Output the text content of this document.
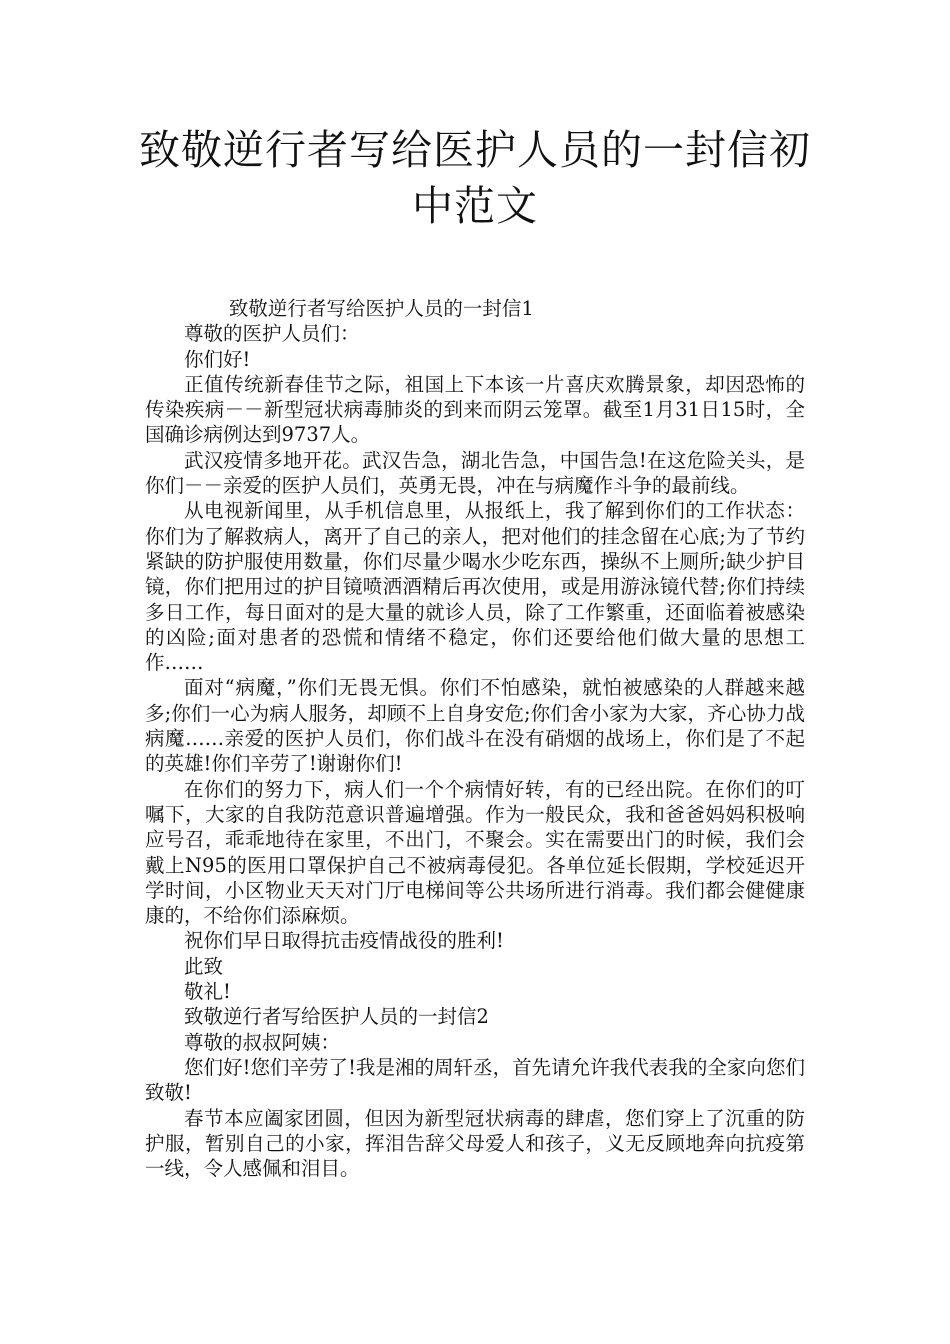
致敬逆行者写给医护人员的一封信初中范文

致敬逆行者写给医护人员的一封信1

尊敬的医护人员们：

你们好!

正值传统新春佳节之际，祖国上下本该一片喜庆欢腾景象，却因恐怖的传染疾病－－新型冠状病毒肺炎的到来而阴云笼罩。截至1月31日15时，全国确诊病例达到9737人。

武汉疫情多地开花。武汉告急，湖北告急，中国告急!在这危险关头，是你们－－亲爱的医护人员们，英勇无畏，冲在与病魔作斗争的最前线。

从电视新闻里，从手机信息里，从报纸上，我了解到你们的工作状态：你们为了解救病人，离开了自己的亲人，把对他们的挂念留在心底;为了节约紧缺的防护服使用数量，你们尽量少喝水少吃东西，操纵不上厕所;缺少护目镜，你们把用过的护目镜喷洒酒精后再次使用，或是用游泳镜代替;你们持续多日工作，每日面对的是大量的就诊人员，除了工作繁重，还面临着被感染的凶险;面对患者的恐慌和情绪不稳定，你们还要给他们做大量的思想工作……

面对“病魔，”你们无畏无惧。你们不怕感染，就怕被感染的人群越来越多;你们一心为病人服务，却顾不上自身安危;你们舍小家为大家，齐心协力战病魔……亲爱的医护人员们，你们战斗在没有硝烟的战场上，你们是了不起的英雄!你们辛劳了!谢谢你们!

在你们的努力下，病人们一个个病情好转，有的已经出院。在你们的叮嘱下，大家的自我防范意识普遍增强。作为一般民众，我和爸爸妈妈积极响应号召，乖乖地待在家里，不出门，不聚会。实在需要出门的时候，我们会戴上N95的医用口罩保护自己不被病毒侵犯。各单位延长假期，学校延迟开学时间，小区物业天天对门厅电梯间等公共场所进行消毒。我们都会健健康康的，不给你们添麻烦。

祝你们早日取得抗击疫情战役的胜利!

此致

敬礼!

致敬逆行者写给医护人员的一封信2

尊敬的叔叔阿姨：

您们好!您们辛劳了!我是湘的周轩丞，首先请允许我代表我的全家向您们致敬!

春节本应阖家团圆，但因为新型冠状病毒的肆虐，您们穿上了沉重的防护服，暂别自己的小家，挥泪告辞父母爱人和孩子，义无反顾地奔向抗疫第一线，令人感佩和泪目。
